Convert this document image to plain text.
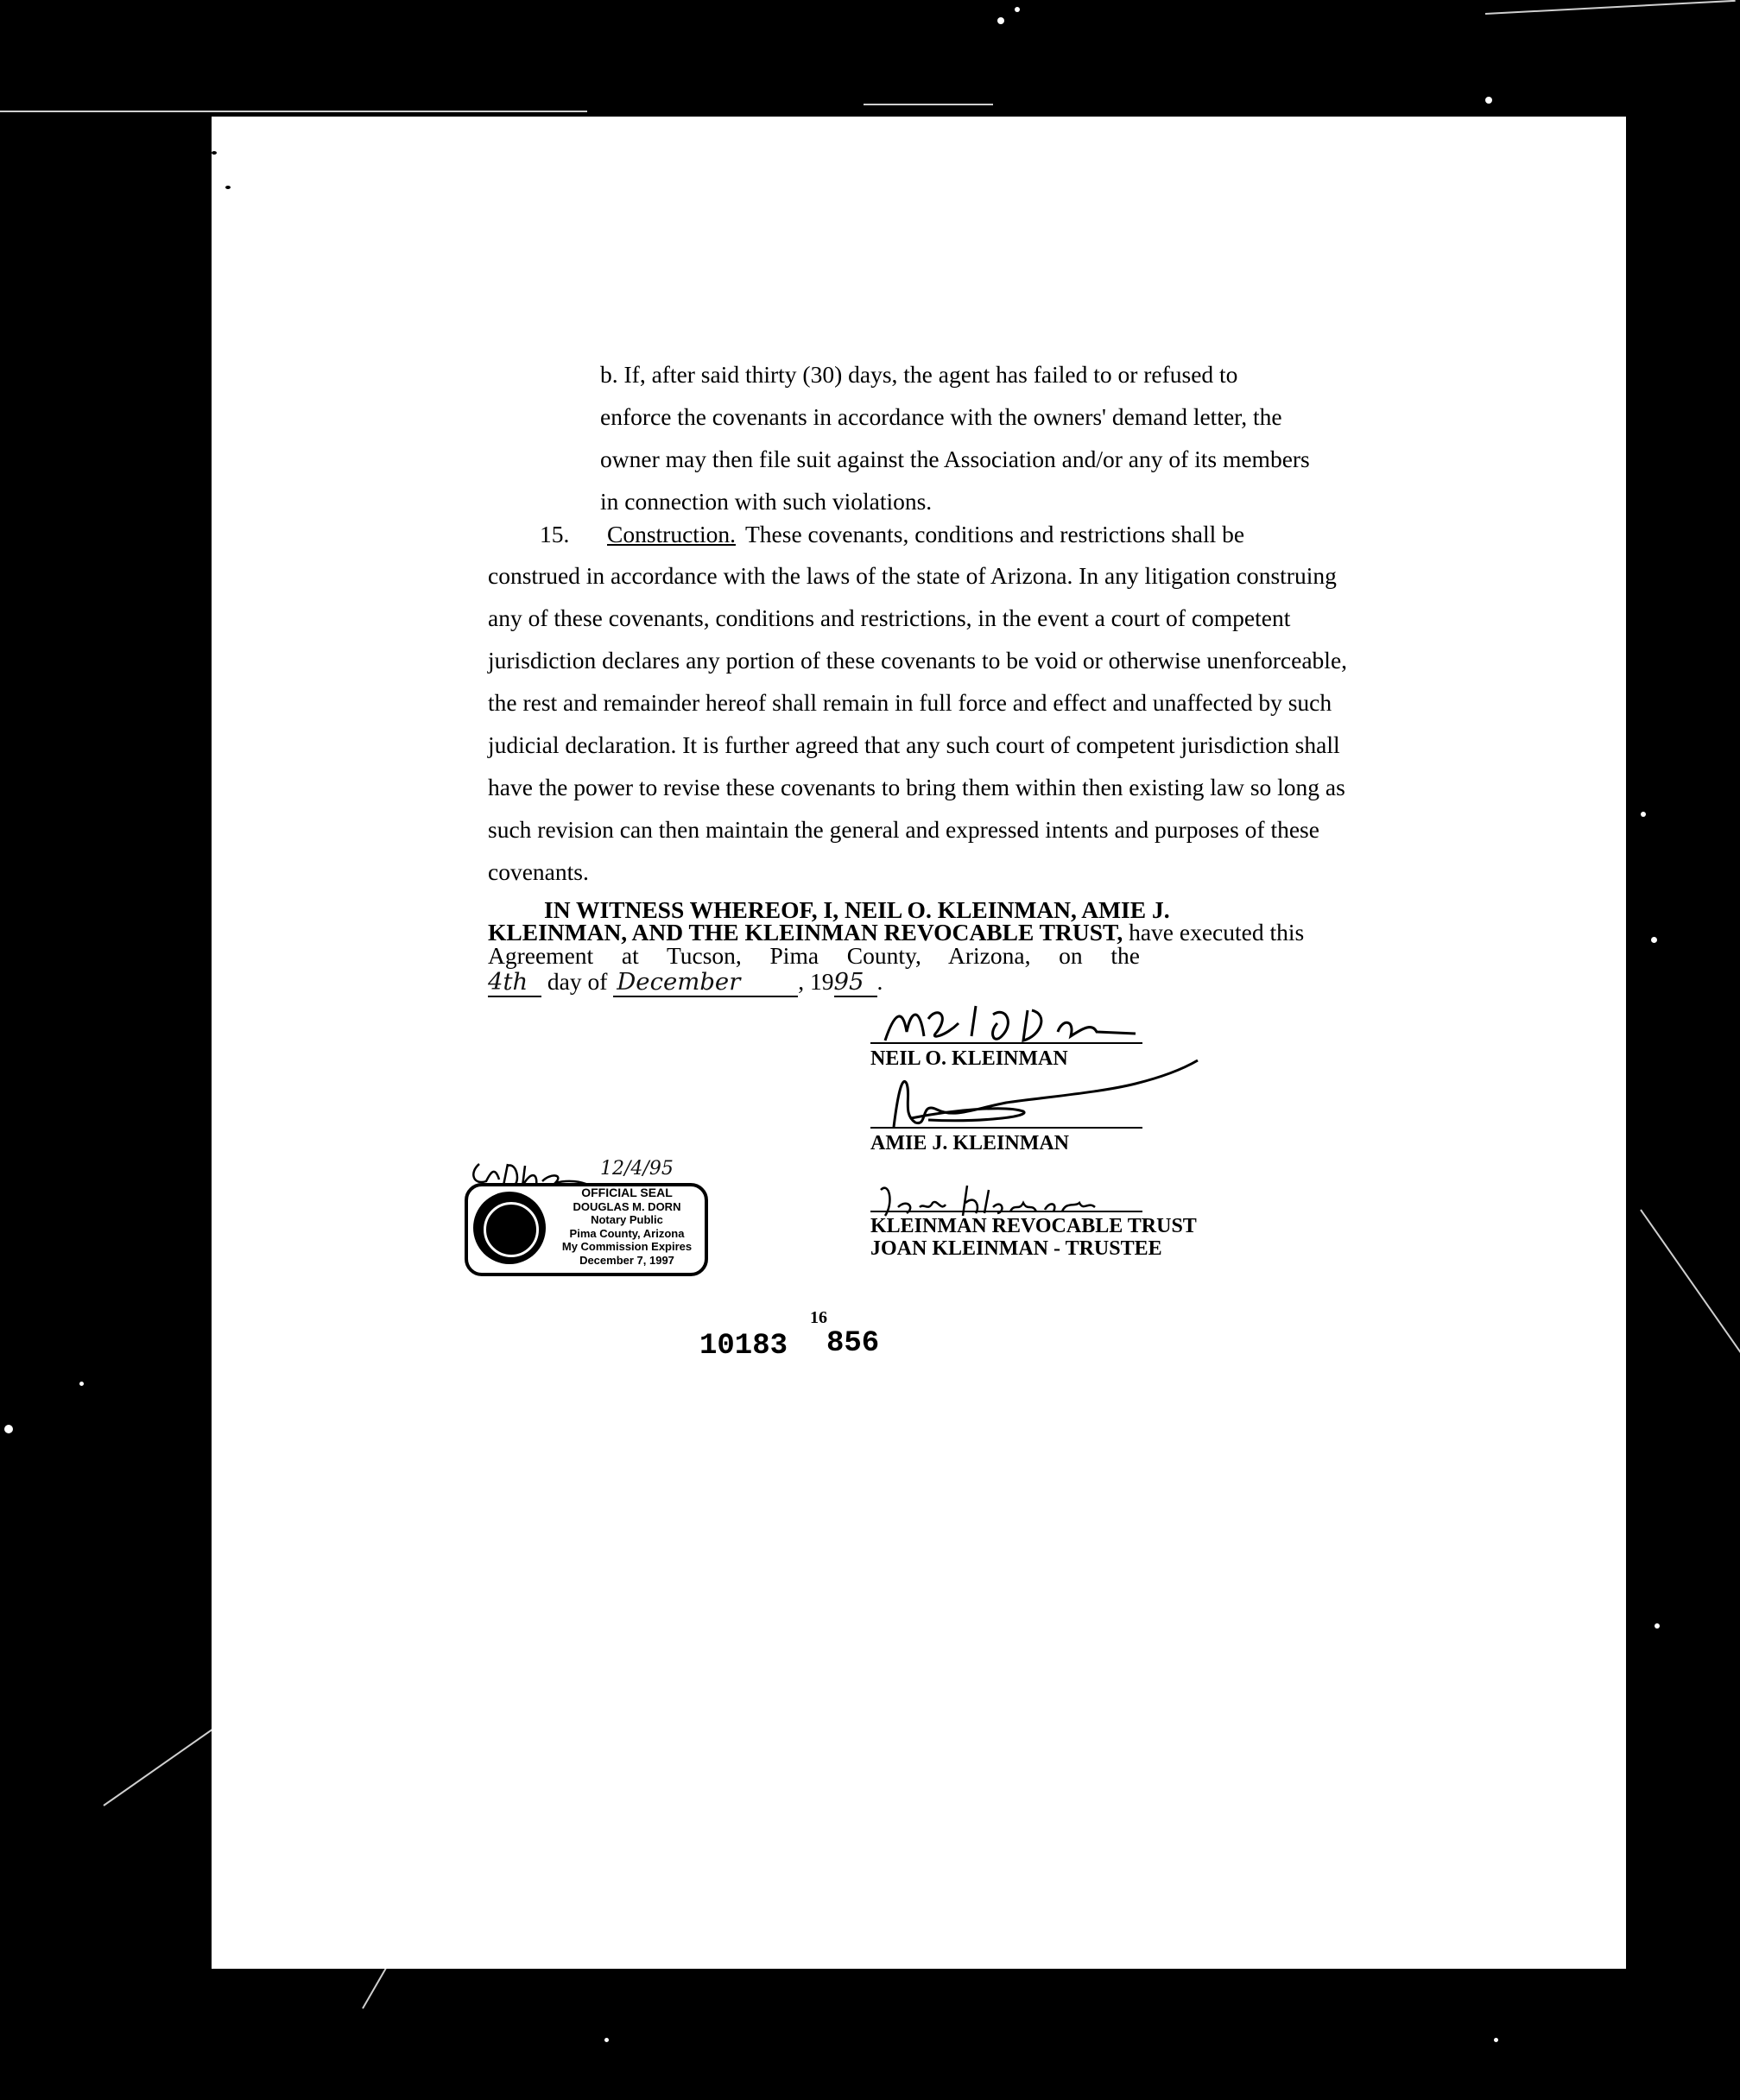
b. If, after said thirty (30) days, the agent has failed to or refused to
enforce the covenants in accordance with the owners' demand letter, the
owner may then file suit against the Association and/or any of its members
in connection with such violations.
15. Construction. These covenants, conditions and restrictions shall be
construed in accordance with the laws of the state of Arizona. In any litigation construing
any of these covenants, conditions and restrictions, in the event a court of competent
jurisdiction declares any portion of these covenants to be void or otherwise unenforceable,
the rest and remainder hereof shall remain in full force and effect and unaffected by such
judicial declaration. It is further agreed that any such court of competent jurisdiction shall
have the power to revise these covenants to bring them within then existing law so long as
such revision can then maintain the general and expressed intents and purposes of these
covenants.
IN WITNESS WHEREOF, I, NEIL O. KLEINMAN, AMIE J.
KLEINMAN, AND THE KLEINMAN REVOCABLE TRUST, have executed this
Agreement at Tucson, Pima County, Arizona, on the
4th day of December , 1995 .
NEIL O. KLEINMAN
AMIE J. KLEINMAN
KLEINMAN REVOCABLE TRUST
JOAN KLEINMAN - TRUSTEE
12/4/95
OFFICIAL SEAL
DOUGLAS M. DORN
Notary Public
Pima County, Arizona
My Commission Expires
December 7, 1997
16
10183 856
